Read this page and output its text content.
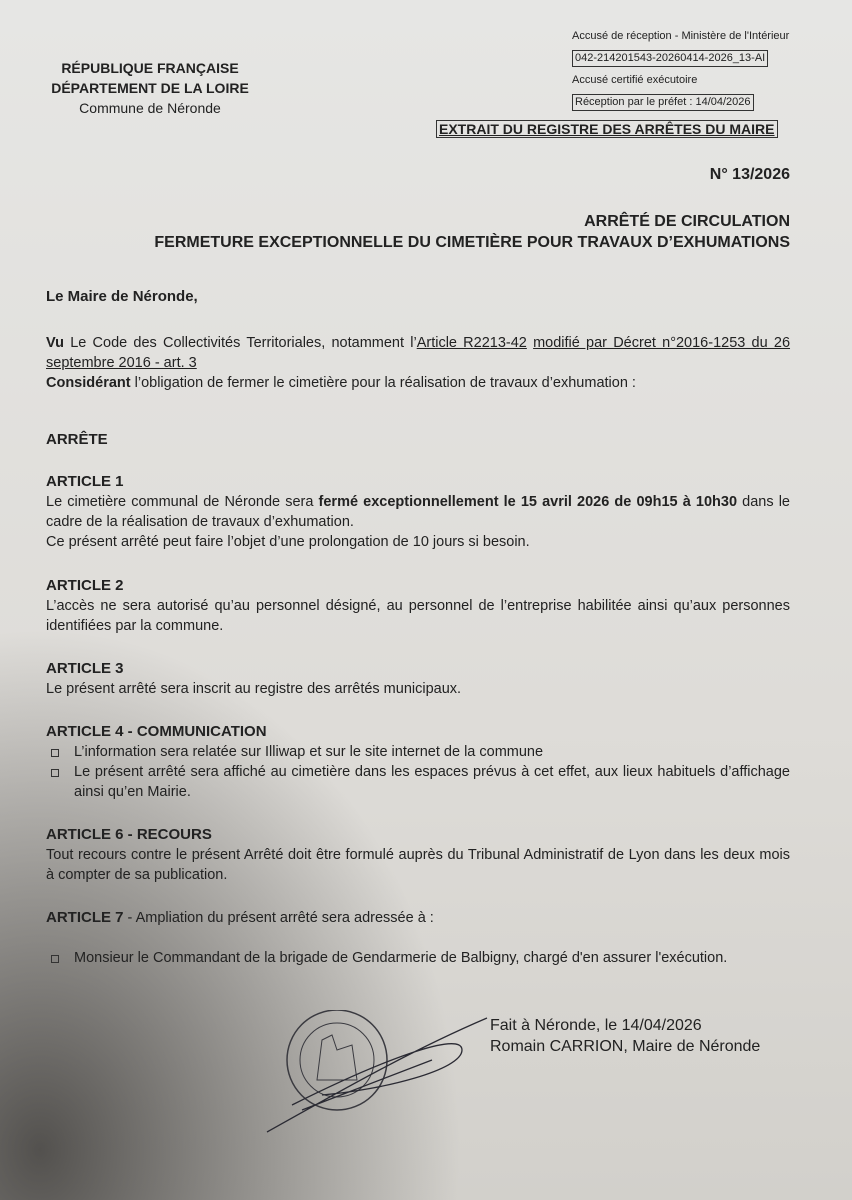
RÉPUBLIQUE FRANÇAISE
DÉPARTEMENT DE LA LOIRE
Commune de Néronde
Accusé de réception - Ministère de l'Intérieur
042-214201543-20260414-2026_13-AI
Accusé certifié exécutoire
Réception par le préfet : 14/04/2026
EXTRAIT DU REGISTRE DES ARRÊTES DU MAIRE
N° 13/2026
ARRÊTÉ DE CIRCULATION
FERMETURE EXCEPTIONNELLE DU CIMETIÈRE POUR TRAVAUX D’EXHUMATIONS
Le Maire de Néronde,
Vu Le Code des Collectivités Territoriales, notamment l’Article R2213-42 modifié par Décret n°2016-1253 du 26 septembre 2016 - art. 3
Considérant l’obligation de fermer le cimetière pour la réalisation de travaux d’exhumation :
ARRÊTE
ARTICLE 1
Le cimetière communal de Néronde sera fermé exceptionnellement le 15 avril 2026 de 09h15 à 10h30 dans le cadre de la réalisation de travaux d’exhumation.
Ce présent arrêté peut faire l’objet d’une prolongation de 10 jours si besoin.
ARTICLE 2
L’accès ne sera autorisé qu’au personnel désigné, au personnel de l’entreprise habilitée ainsi qu’aux personnes identifiées par la commune.
ARTICLE 3
Le présent arrêté sera inscrit au registre des arrêtés municipaux.
ARTICLE 4 - COMMUNICATION
L’information sera relatée sur Illiwap et sur le site internet de la commune
Le présent arrêté sera affiché au cimetière dans les espaces prévus à cet effet, aux lieux habituels d’affichage ainsi qu’en Mairie.
ARTICLE 6 - RECOURS
Tout recours contre le présent Arrêté doit être formulé auprès du Tribunal Administratif de Lyon dans les deux mois à compter de sa publication.
ARTICLE 7 - Ampliation du présent arrêté sera adressée à :
Monsieur le Commandant de la brigade de Gendarmerie de Balbigny, chargé d'en assurer l'exécution.
Fait à Néronde, le 14/04/2026
Romain CARRION, Maire de Néronde
